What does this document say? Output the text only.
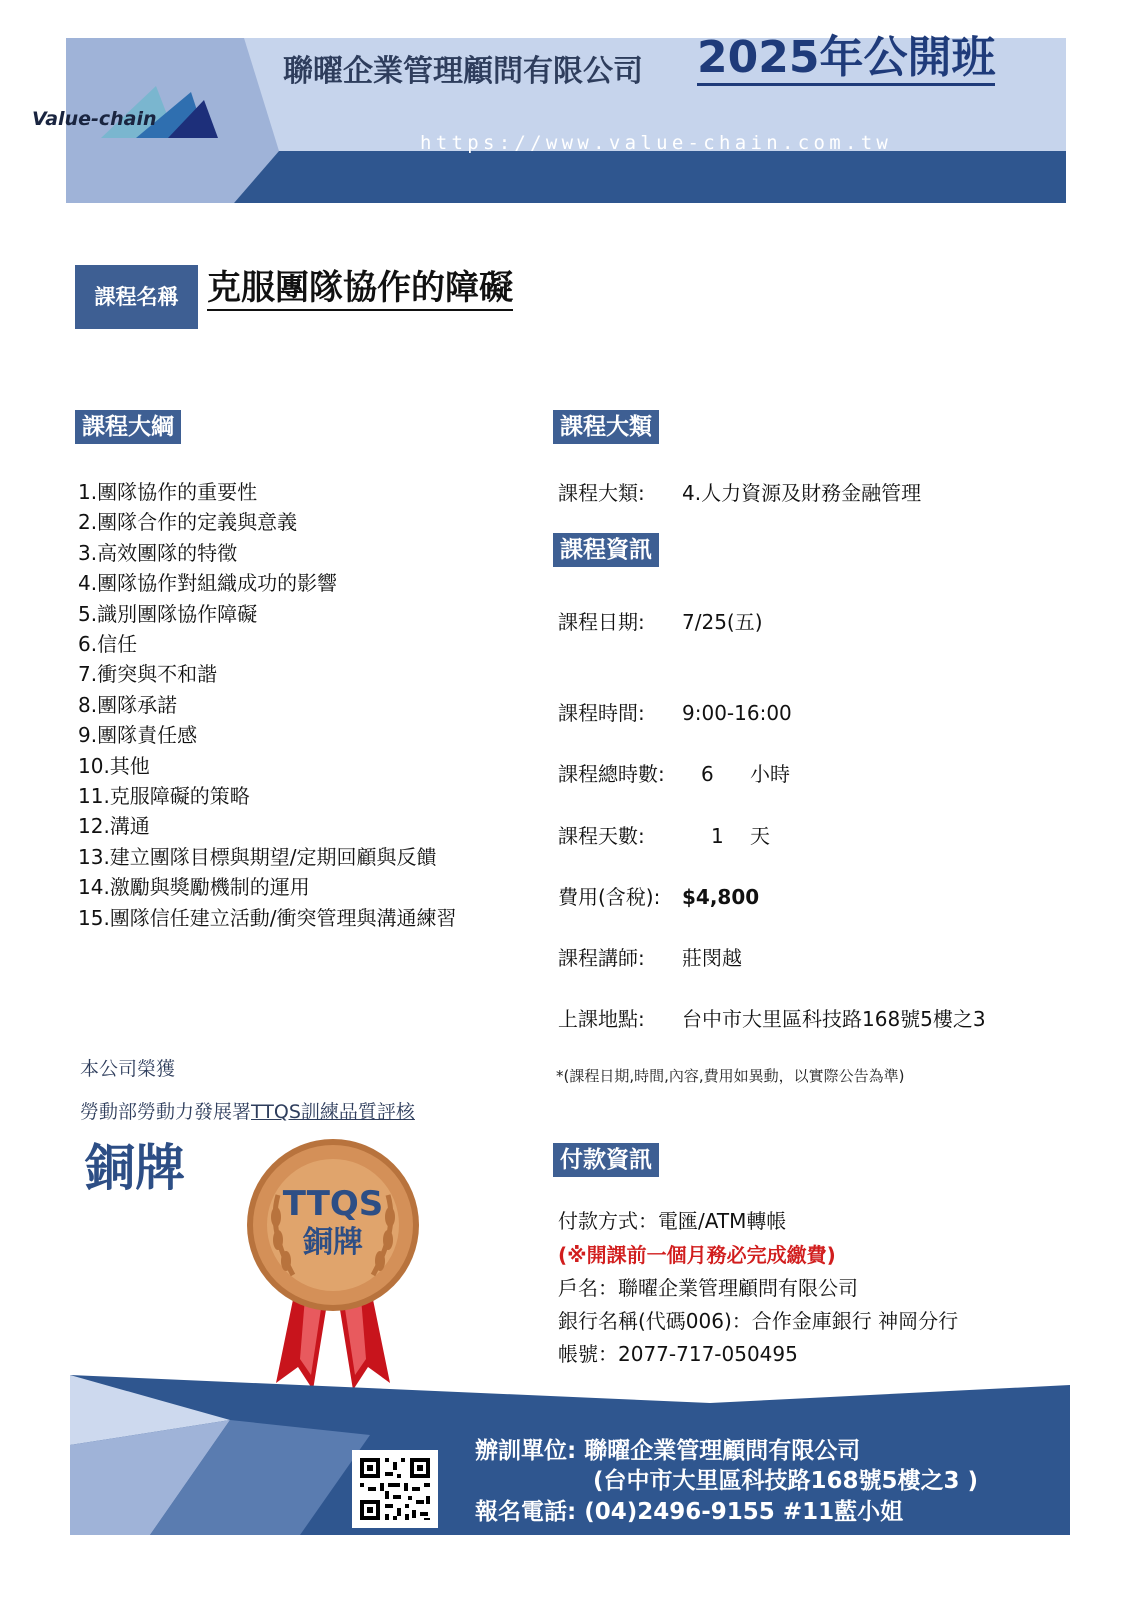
Value-chain
聯曜企業管理顧問有限公司 2025年公開班
https://www.value-chain.com.tw
課程名稱 克服團隊協作的障礙
課程大綱
1.團隊協作的重要性
2.團隊合作的定義與意義
3.高效團隊的特徵
4.團隊協作對組織成功的影響
5.識別團隊協作障礙
6.信任
7.衝突與不和諧
8.團隊承諾
9.團隊責任感
10.其他
11.克服障礙的策略
12.溝通
13.建立團隊目標與期望/定期回顧與反饋
14.激勵與獎勵機制的運用
15.團隊信任建立活動/衝突管理與溝通練習
課程大類
課程大類: 4.人力資源及財務金融管理
課程資訊
課程日期: 7/25(五)
課程時間: 9:00-16:00
課程總時數: 6 小時
課程天數:	1 天
費用(含稅): $4,800
課程講師: 莊閔越
上課地點: 台中市大里區科技路168號5樓之3
*(課程日期,時間,內容,費用如異動，以實際公告為準)
本公司榮獲
勞動部勞動力發展署TTQS訓練品質評核
銅牌
TTQS
銅牌
付款資訊
付款方式：電匯/ATM轉帳
(※開課前一個月務必完成繳費)
戶名：聯曜企業管理顧問有限公司
銀行名稱(代碼006)：合作金庫銀行 神岡分行
帳號：2077-717-050495
辦訓單位: 聯曜企業管理顧問有限公司
(台中市大里區科技路168號5樓之3 )
報名電話: (04)2496-9155 #11藍小姐
